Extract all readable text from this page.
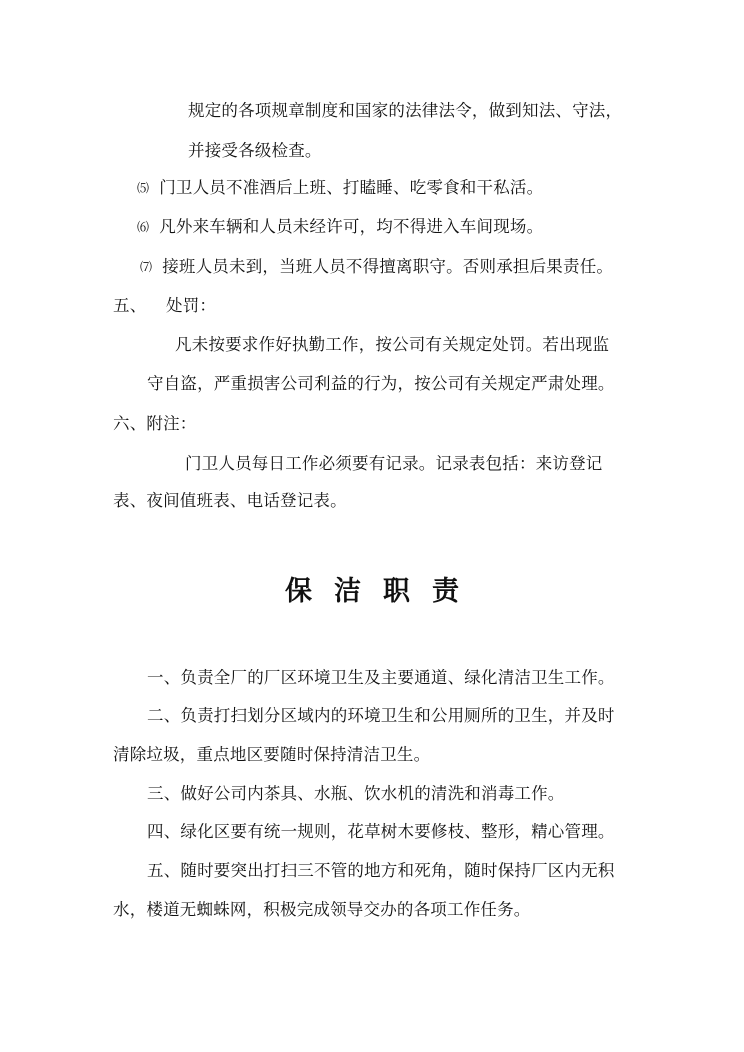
规定的各项规章制度和国家的法律法令，做到知法、守法，
并接受各级检查。
⑸ 门卫人员不准酒后上班、打瞌睡、吃零食和干私活。
⑹ 凡外来车辆和人员未经许可，均不得进入车间现场。
⑺ 接班人员未到，当班人员不得擅离职守。否则承担后果责任。
五、 处罚：
凡未按要求作好执勤工作，按公司有关规定处罚。若出现监
守自盗，严重损害公司利益的行为，按公司有关规定严肃处理。
六、附注：
门卫人员每日工作必须要有记录。记录表包括：来访登记
表、夜间值班表、电话登记表。
保洁职责
一、负责全厂的厂区环境卫生及主要通道、绿化清洁卫生工作。
二、负责打扫划分区域内的环境卫生和公用厕所的卫生，并及时
清除垃圾，重点地区要随时保持清洁卫生。
三、做好公司内茶具、水瓶、饮水机的清洗和消毒工作。
四、绿化区要有统一规则，花草树木要修枝、整形，精心管理。
五、随时要突出打扫三不管的地方和死角，随时保持厂区内无积
水，楼道无蜘蛛网，积极完成领导交办的各项工作任务。
